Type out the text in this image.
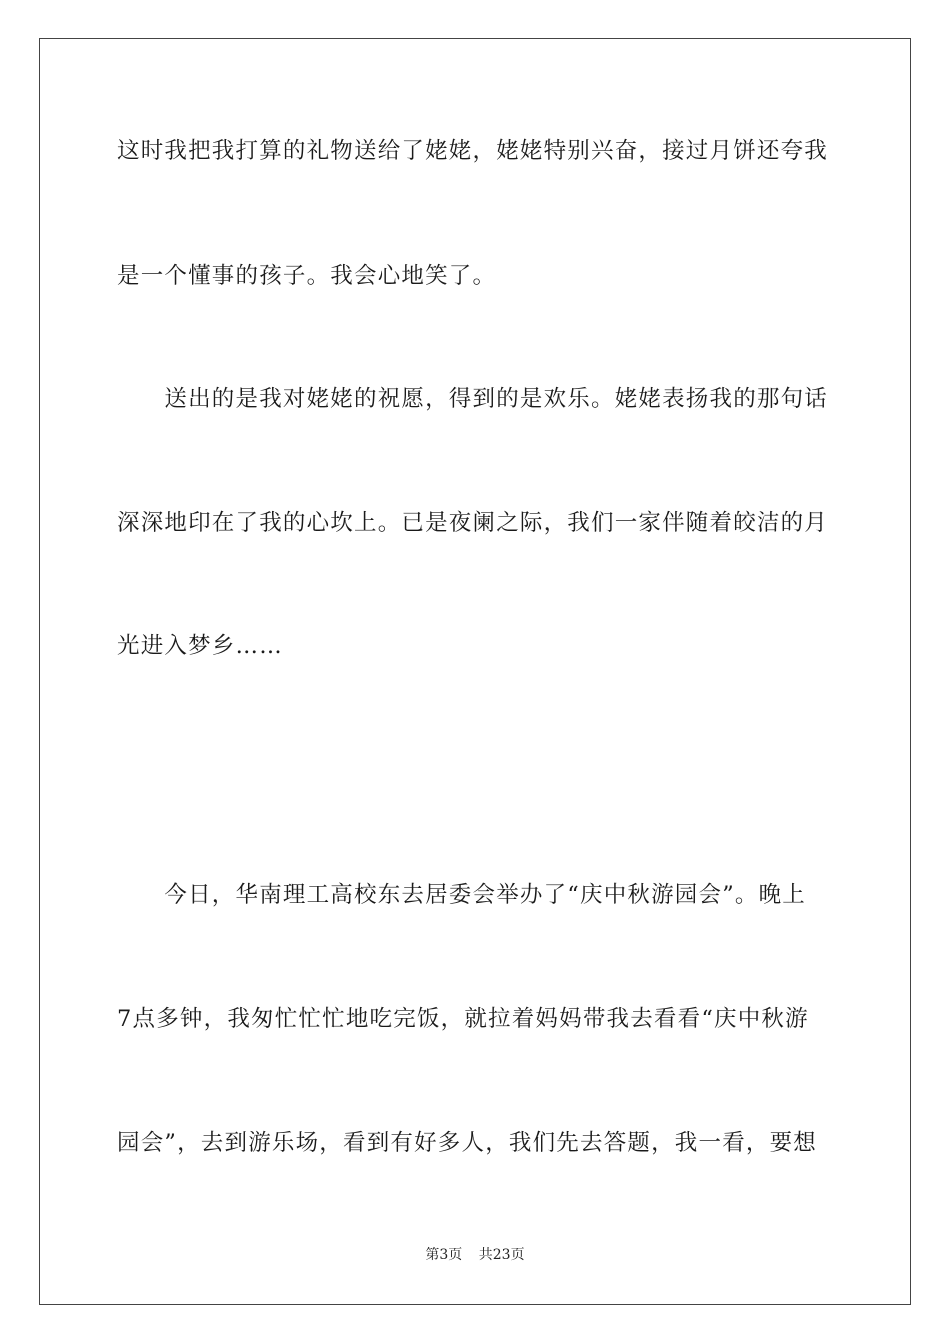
这时我把我打算的礼物送给了姥姥，姥姥特别兴奋，接过月饼还夸我
是一个懂事的孩子。我会心地笑了。
　　送出的是我对姥姥的祝愿，得到的是欢乐。姥姥表扬我的那句话
深深地印在了我的心坎上。已是夜阑之际，我们一家伴随着皎洁的月
光进入梦乡……
　　今日，华南理工高校东去居委会举办了“庆中秋游园会”。晚上
7点多钟，我匆忙忙忙地吃完饭，就拉着妈妈带我去看看“庆中秋游
园会”，去到游乐场，看到有好多人，我们先去答题，我一看，要想
第3页 共23页
